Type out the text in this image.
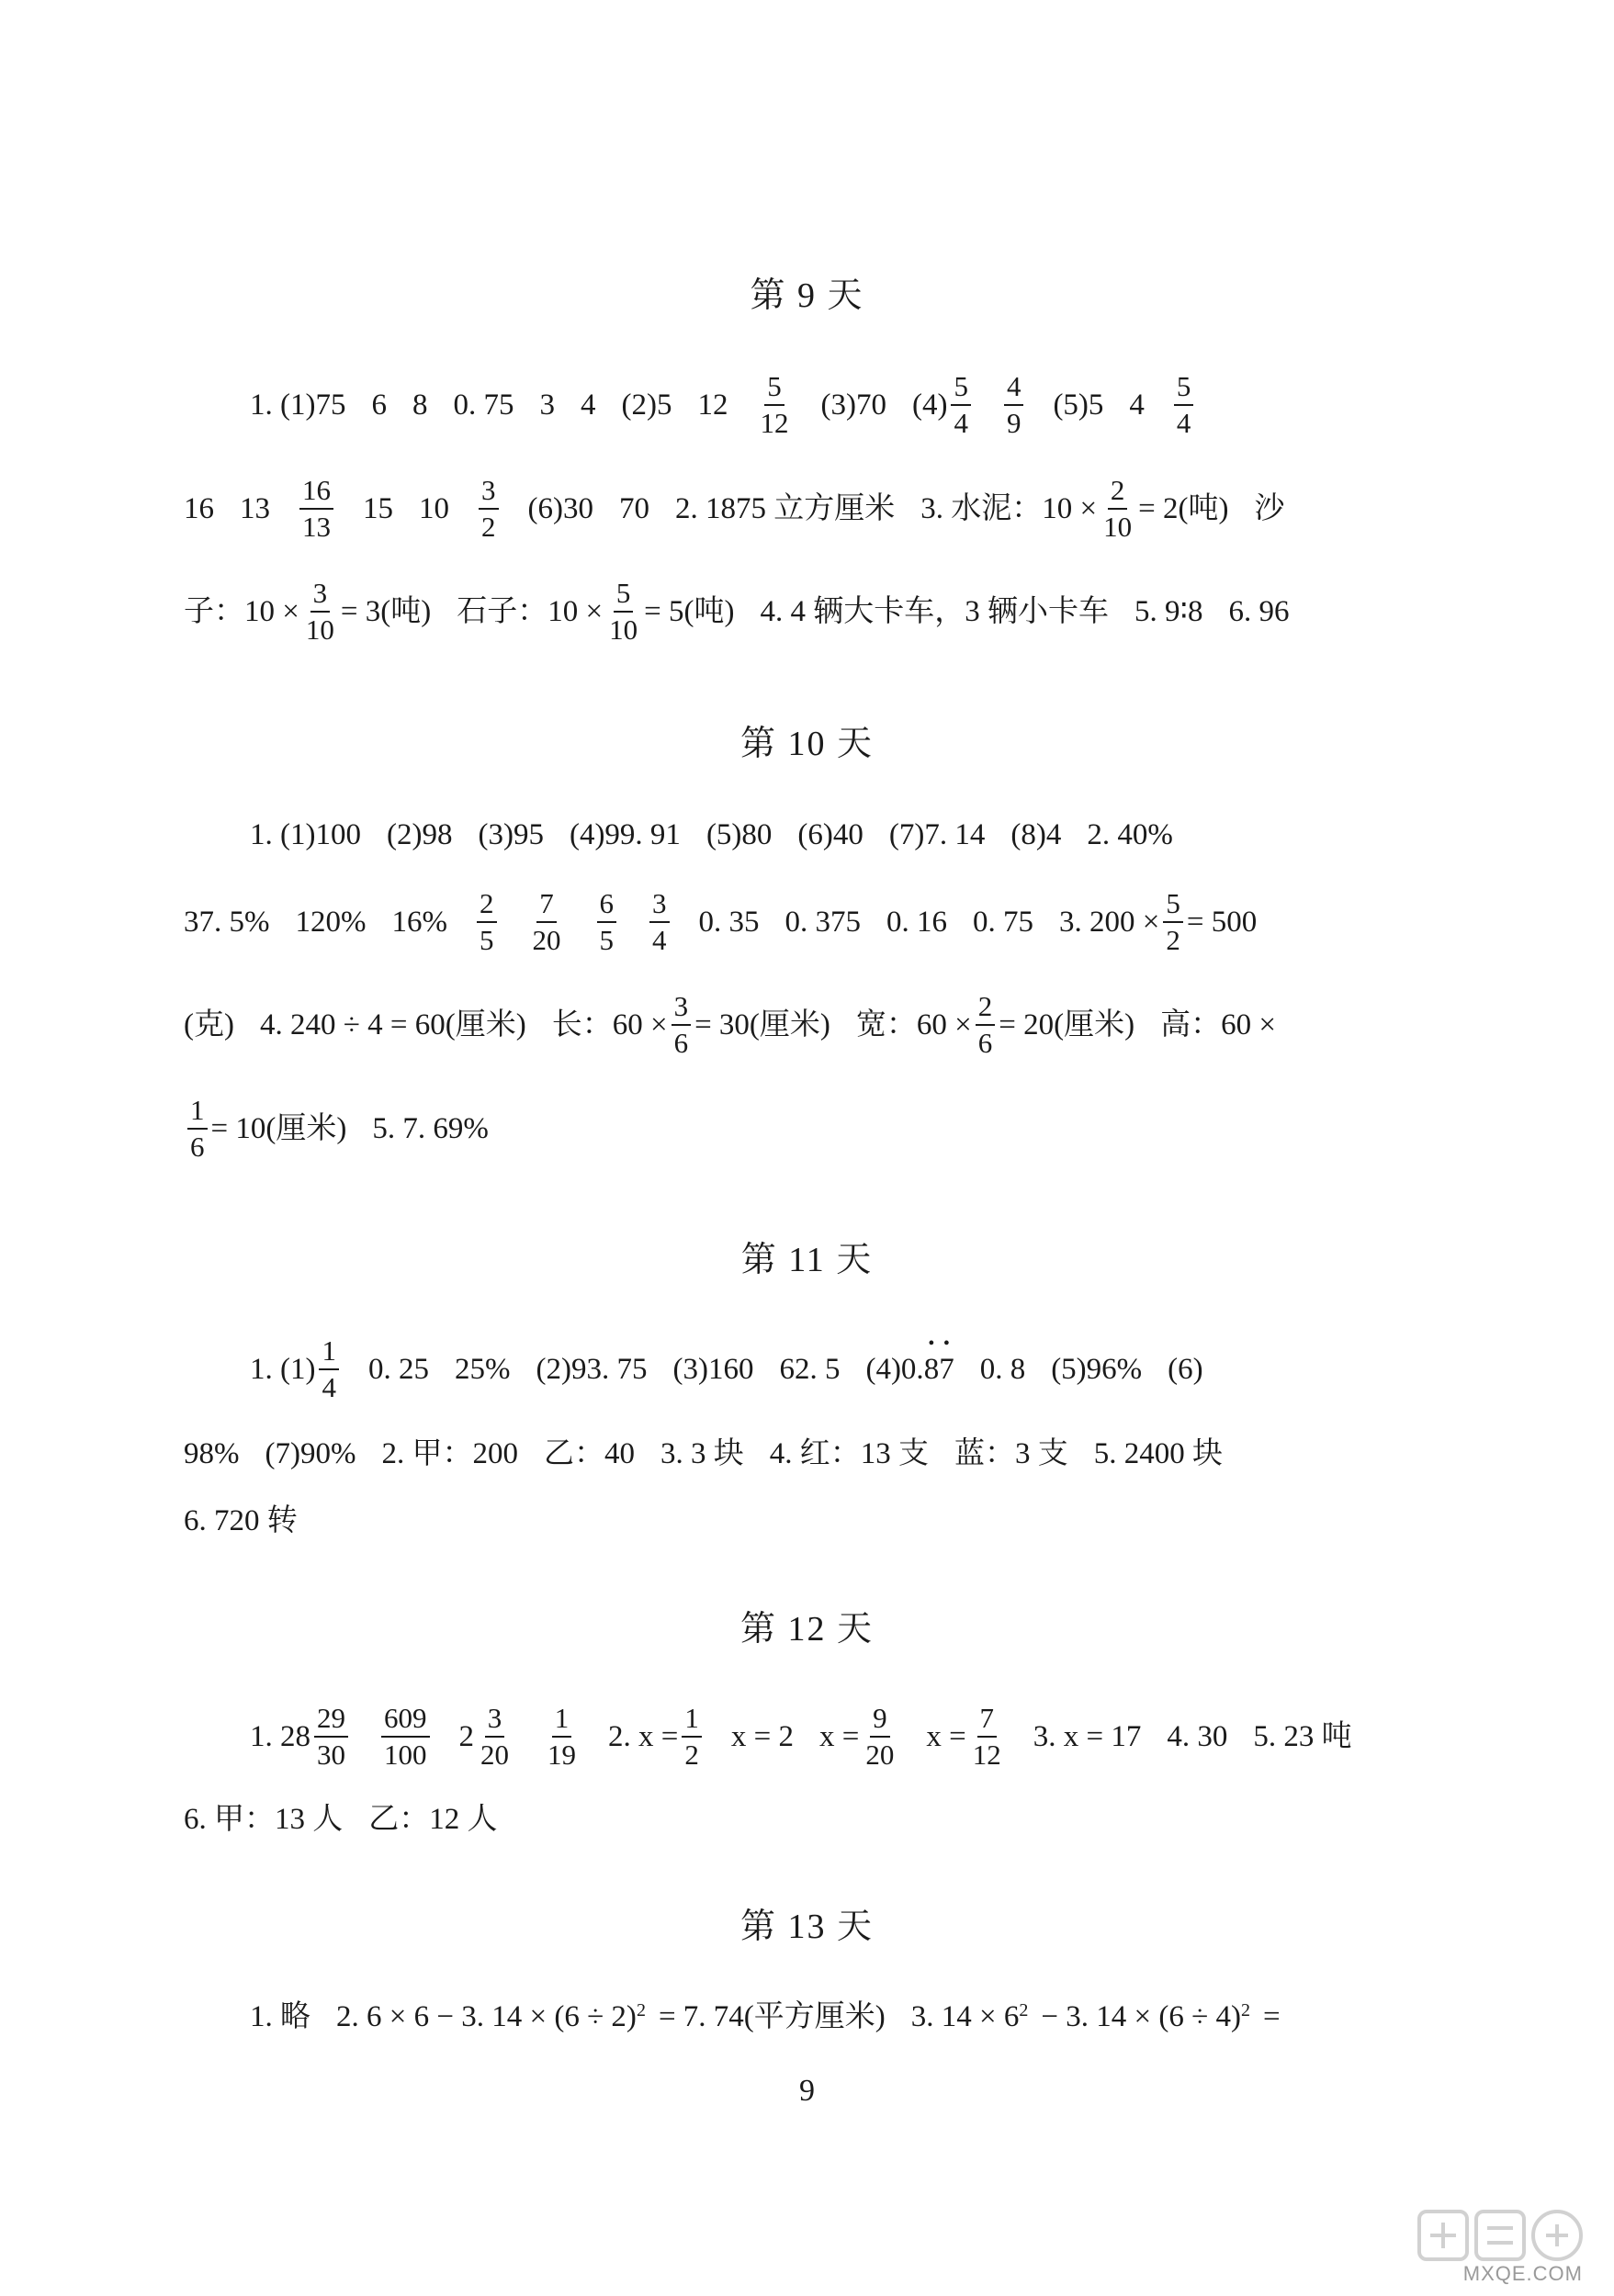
第 9 天
1. (1)75 6 8 0. 75 3 4 (2)5 $12 \frac{5}{12} (3)70$ $(4) \frac{5}{4} \frac{4}{9} (5)5$ $4 \frac{5}{4}$
16 $13 \frac{16}{13} 15$ $10 \frac{3}{2} (6)30$ 70 2. 1875 立方厘米 3. 水泥：$10 \times \frac{2}{10} = 2$(吨) 沙
子：$10 \times \frac{3}{10} = 3$(吨) 石子：$10 \times \frac{5}{10} = 5$(吨) 4. 4 辆大卡车，3 辆小卡车 5. 9∶8 6. 96
第 10 天
1. (1)100 (2)98 (3)95 (4)99. 91 (5)80 (6)40 (7)7. 14 (8)4 2. 40%
37. 5% 120% $16\% \frac{2}{5} \frac{7}{20} \frac{6}{5} \frac{3}{4} 0$. 35 0. 375 0. 16 0. 75 3. $200 \times \frac{5}{2} = 500$
(克) 4. 240 ÷ 4 = 60(厘米) 长：$60 \times \frac{3}{6} = 30$(厘米) 宽：$60 \times \frac{2}{6} = 20$(厘米) 高：60 ×
$\frac{1}{6} = 10$(厘米) 5. 7. 69%
第 11 天
1. $(1) \frac{1}{4} 0$. 25 25% (2)93. 75 (3)160 62. 5 (4)0. • 8 • 7 0. 8 (5)96% (6)
98% (7)90% 2. 甲：200 乙：40 3. 3 块 4. 红：13 支 蓝：3 支 5. 2400 块
6. 720 转
第 12 天
1. $28 \frac{29}{30} \frac{609}{100} 2 \frac{3}{20} \frac{1}{19} 2$. $x = \frac{1}{2}$ x = 2 $x = \frac{9}{20}$ $x = \frac{7}{12} 3$. x = 17 4. 30 5. 23 吨
6. 甲：13 人 乙：12 人
第 13 天
1. 略 2. 6 × 6 − 3. $14 \times (6 \div 2)^2 = 7$. 74(平方厘米) 3. $14 \times 6^2 - 3$. $14 \times (6 \div 4)^2$ =
9
MXQE.COM
